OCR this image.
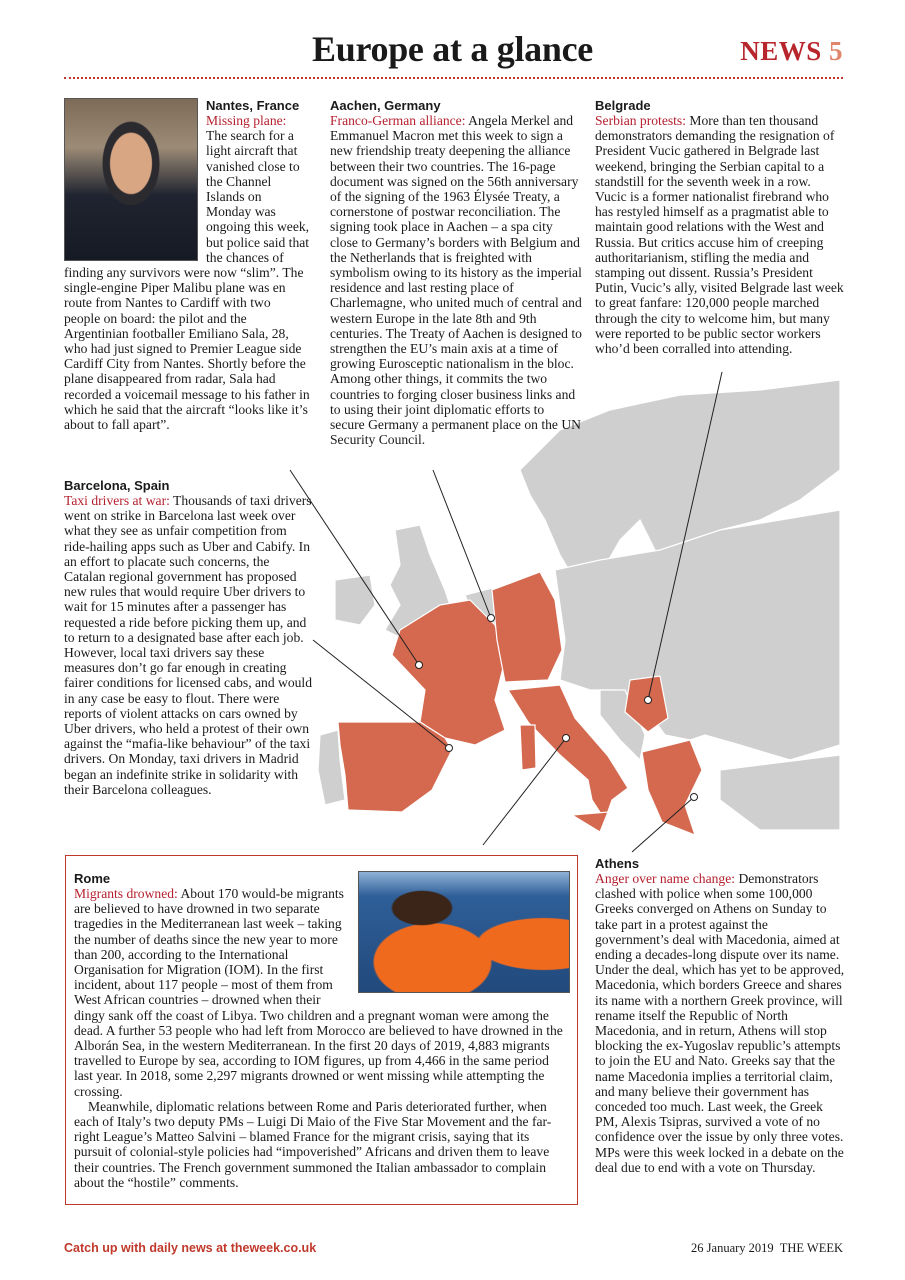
Europe at a glance	NEWS 5
Nantes, France
Missing plane: The search for a light aircraft that vanished close to the Channel Islands on Monday was ongoing this week, but police said that the chances of finding any survivors were now “slim”. The single-engine Piper Malibu plane was en route from Nantes to Cardiff with two people on board: the pilot and the Argentinian footballer Emiliano Sala, 28, who had just signed to Premier League side Cardiff City from Nantes. Shortly before the plane disappeared from radar, Sala had recorded a voicemail message to his father in which he said that the aircraft “looks like it’s about to fall apart”.
Aachen, Germany
Franco-German alliance: Angela Merkel and Emmanuel Macron met this week to sign a new friendship treaty deepening the alliance between their two countries. The 16-page document was signed on the 56th anniversary of the signing of the 1963 Élysée Treaty, a cornerstone of postwar reconciliation. The signing took place in Aachen – a spa city close to Germany’s borders with Belgium and the Netherlands that is freighted with symbolism owing to its history as the imperial residence and last resting place of Charlemagne, who united much of central and western Europe in the late 8th and 9th centuries. The Treaty of Aachen is designed to strengthen the EU’s main axis at a time of growing Eurosceptic nationalism in the bloc. Among other things, it commits the two countries to forging closer business links and to using their joint diplomatic efforts to secure Germany a permanent place on the UN Security Council.
Belgrade
Serbian protests: More than ten thousand demonstrators demanding the resignation of President Vucic gathered in Belgrade last weekend, bringing the Serbian capital to a standstill for the seventh week in a row. Vucic is a former nationalist firebrand who has restyled himself as a pragmatist able to maintain good relations with the West and Russia. But critics accuse him of creeping authoritarianism, stifling the media and stamping out dissent. Russia’s President Putin, Vucic’s ally, visited Belgrade last week to great fanfare: 120,000 people marched through the city to welcome him, but many were reported to be public sector workers who’d been corralled into attending.
Barcelona, Spain
Taxi drivers at war: Thousands of taxi drivers went on strike in Barcelona last week over what they see as unfair competition from ride-hailing apps such as Uber and Cabify. In an effort to placate such concerns, the Catalan regional government has proposed new rules that would require Uber drivers to wait for 15 minutes after a passenger has requested a ride before picking them up, and to return to a designated base after each job. However, local taxi drivers say these measures don’t go far enough in creating fairer conditions for licensed cabs, and would in any case be easy to flout. There were reports of violent attacks on cars owned by Uber drivers, who held a protest of their own against the “mafia-like behaviour” of the taxi drivers. On Monday, taxi drivers in Madrid began an indefinite strike in solidarity with their Barcelona colleagues.
Rome
Migrants drowned: About 170 would-be migrants are believed to have drowned in two separate tragedies in the Mediterranean last week – taking the number of deaths since the new year to more than 200, according to the International Organisation for Migration (IOM). In the first incident, about 117 people – most of them from West African countries – drowned when their dingy sank off the coast of Libya. Two children and a pregnant woman were among the dead. A further 53 people who had left from Morocco are believed to have drowned in the Alborán Sea, in the western Mediterranean. In the first 20 days of 2019, 4,883 migrants travelled to Europe by sea, according to IOM figures, up from 4,466 in the same period last year. In 2018, some 2,297 migrants drowned or went missing while attempting the crossing.

Meanwhile, diplomatic relations between Rome and Paris deteriorated further, when each of Italy’s two deputy PMs – Luigi Di Maio of the Five Star Movement and the far-right League’s Matteo Salvini – blamed France for the migrant crisis, saying that its pursuit of colonial-style policies had “impoverished” Africans and driven them to leave their countries. The French government summoned the Italian ambassador to complain about the “hostile” comments.

Athens
Anger over name change: Demonstrators clashed with police when some 100,000 Greeks converged on Athens on Sunday to take part in a protest against the government’s deal with Macedonia, aimed at ending a decades-long dispute over its name. Under the deal, which has yet to be approved, Macedonia, which borders Greece and shares its name with a northern Greek province, will rename itself the Republic of North Macedonia, and in return, Athens will stop blocking the ex-Yugoslav republic’s attempts to join the EU and Nato. Greeks say that the name Macedonia implies a territorial claim, and many believe their government has conceded too much. Last week, the Greek PM, Alexis Tsipras, survived a vote of no confidence over the issue by only three votes. MPs were this week locked in a debate on the deal due to end with a vote on Thursday.
Catch up with daily news at theweek.co.uk	26 January 2019 THE WEEK
